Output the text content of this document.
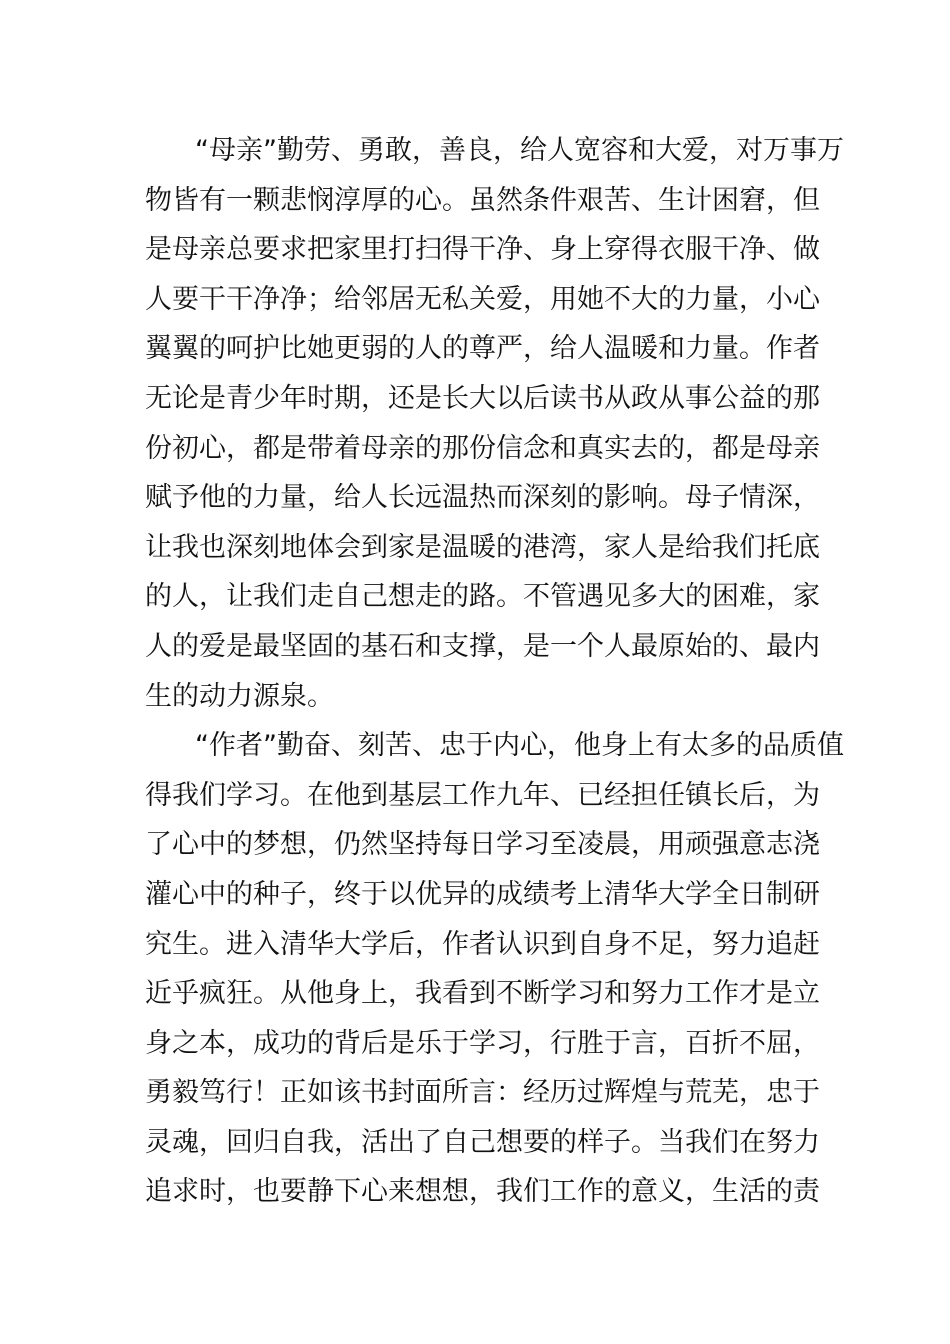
“母亲”勤劳、勇敢，善良，给人宽容和大爱，对万事万
物皆有一颗悲悯淳厚的心。虽然条件艰苦、生计困窘，但
是母亲总要求把家里打扫得干净、身上穿得衣服干净、做
人要干干净净；给邻居无私关爱，用她不大的力量，小心
翼翼的呵护比她更弱的人的尊严，给人温暖和力量。作者
无论是青少年时期，还是长大以后读书从政从事公益的那
份初心，都是带着母亲的那份信念和真实去的，都是母亲
赋予他的力量，给人长远温热而深刻的影响。母子情深，
让我也深刻地体会到家是温暖的港湾，家人是给我们托底
的人，让我们走自己想走的路。不管遇见多大的困难，家
人的爱是最坚固的基石和支撑，是一个人最原始的、最内
生的动力源泉。
“作者”勤奋、刻苦、忠于内心，他身上有太多的品质值
得我们学习。在他到基层工作九年、已经担任镇长后，为
了心中的梦想，仍然坚持每日学习至凌晨，用顽强意志浇
灌心中的种子，终于以优异的成绩考上清华大学全日制研
究生。进入清华大学后，作者认识到自身不足，努力追赶
近乎疯狂。从他身上，我看到不断学习和努力工作才是立
身之本，成功的背后是乐于学习，行胜于言，百折不屈，
勇毅笃行！正如该书封面所言：经历过辉煌与荒芜，忠于
灵魂，回归自我，活出了自己想要的样子。当我们在努力
追求时，也要静下心来想想，我们工作的意义，生活的责
